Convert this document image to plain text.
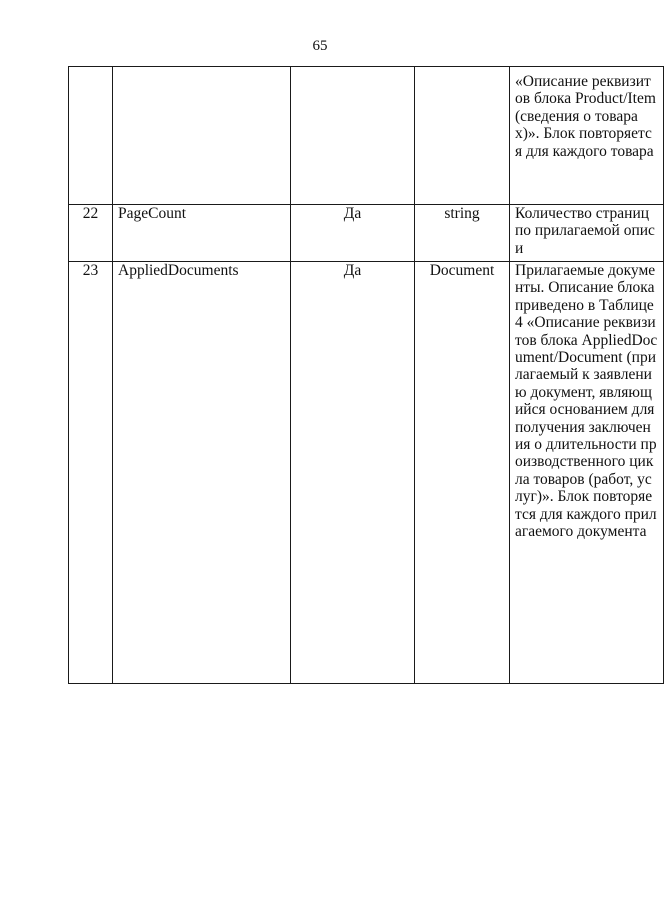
65
				«Описание реквизитов блока Product/Item (сведения о товарах)». Блок повторяется для каждого товара
22	PageCount	Да	string	Количество страниц по прилагаемой описи
23	AppliedDocuments	Да	Document	Прилагаемые документы. Описание блока приведено в Таблице 4 «Описание реквизитов блока AppliedDocument/Document (прилагаемый к заявлению документ, являющийся основанием для получения заключения о длительности производственного цикла товаров (работ, услуг)». Блок повторяется для каждого прилагаемого документа
